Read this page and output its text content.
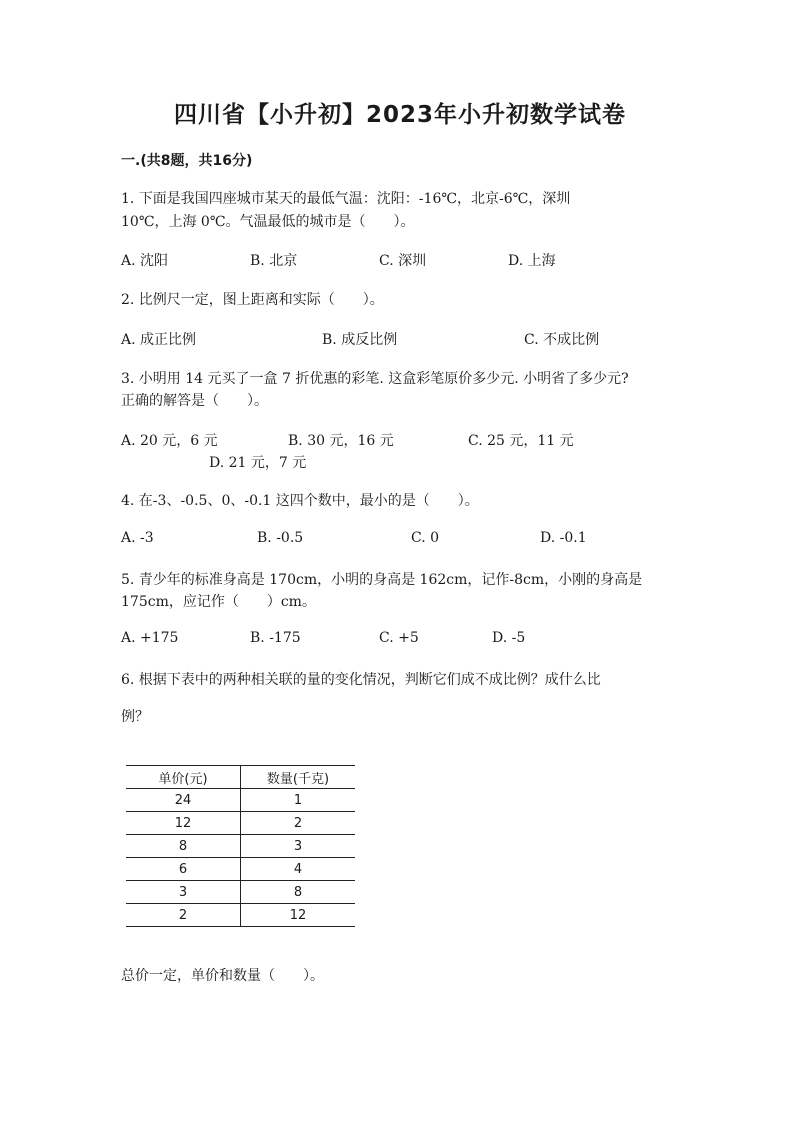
四川省【小升初】2023年小升初数学试卷
一.(共8题，共16分)
1. 下面是我国四座城市某天的最低气温：沈阳：-16℃，北京-6℃，深圳
10℃，上海 0℃。气温最低的城市是（　　）。
A. 沈阳	B. 北京	C. 深圳	D. 上海
2. 比例尺一定，图上距离和实际（　　）。
A. 成正比例	B. 成反比例	C. 不成比例
3. 小明用 14 元买了一盒 7 折优惠的彩笔. 这盒彩笔原价多少元. 小明省了多少元?
正确的解答是（　　）。
A. 20 元，6 元	B. 30 元，16 元	C. 25 元，11 元
D. 21 元，7 元
4. 在-3、-0.5、0、-0.1 这四个数中，最小的是（　　）。
A. -3	B. -0.5	C. 0	D. -0.1
5. 青少年的标准身高是 170cm，小明的身高是 162cm，记作-8cm，小刚的身高是
175cm，应记作（　　）cm。
A. +175	B. -175	C. +5	D. -5
6. 根据下表中的两种相关联的量的变化情况，判断它们成不成比例？成什么比
例？
单价(元)	数量(千克)
24	1
12	2
8	3
6	4
3	8
2	12
总价一定，单价和数量（　　）。
